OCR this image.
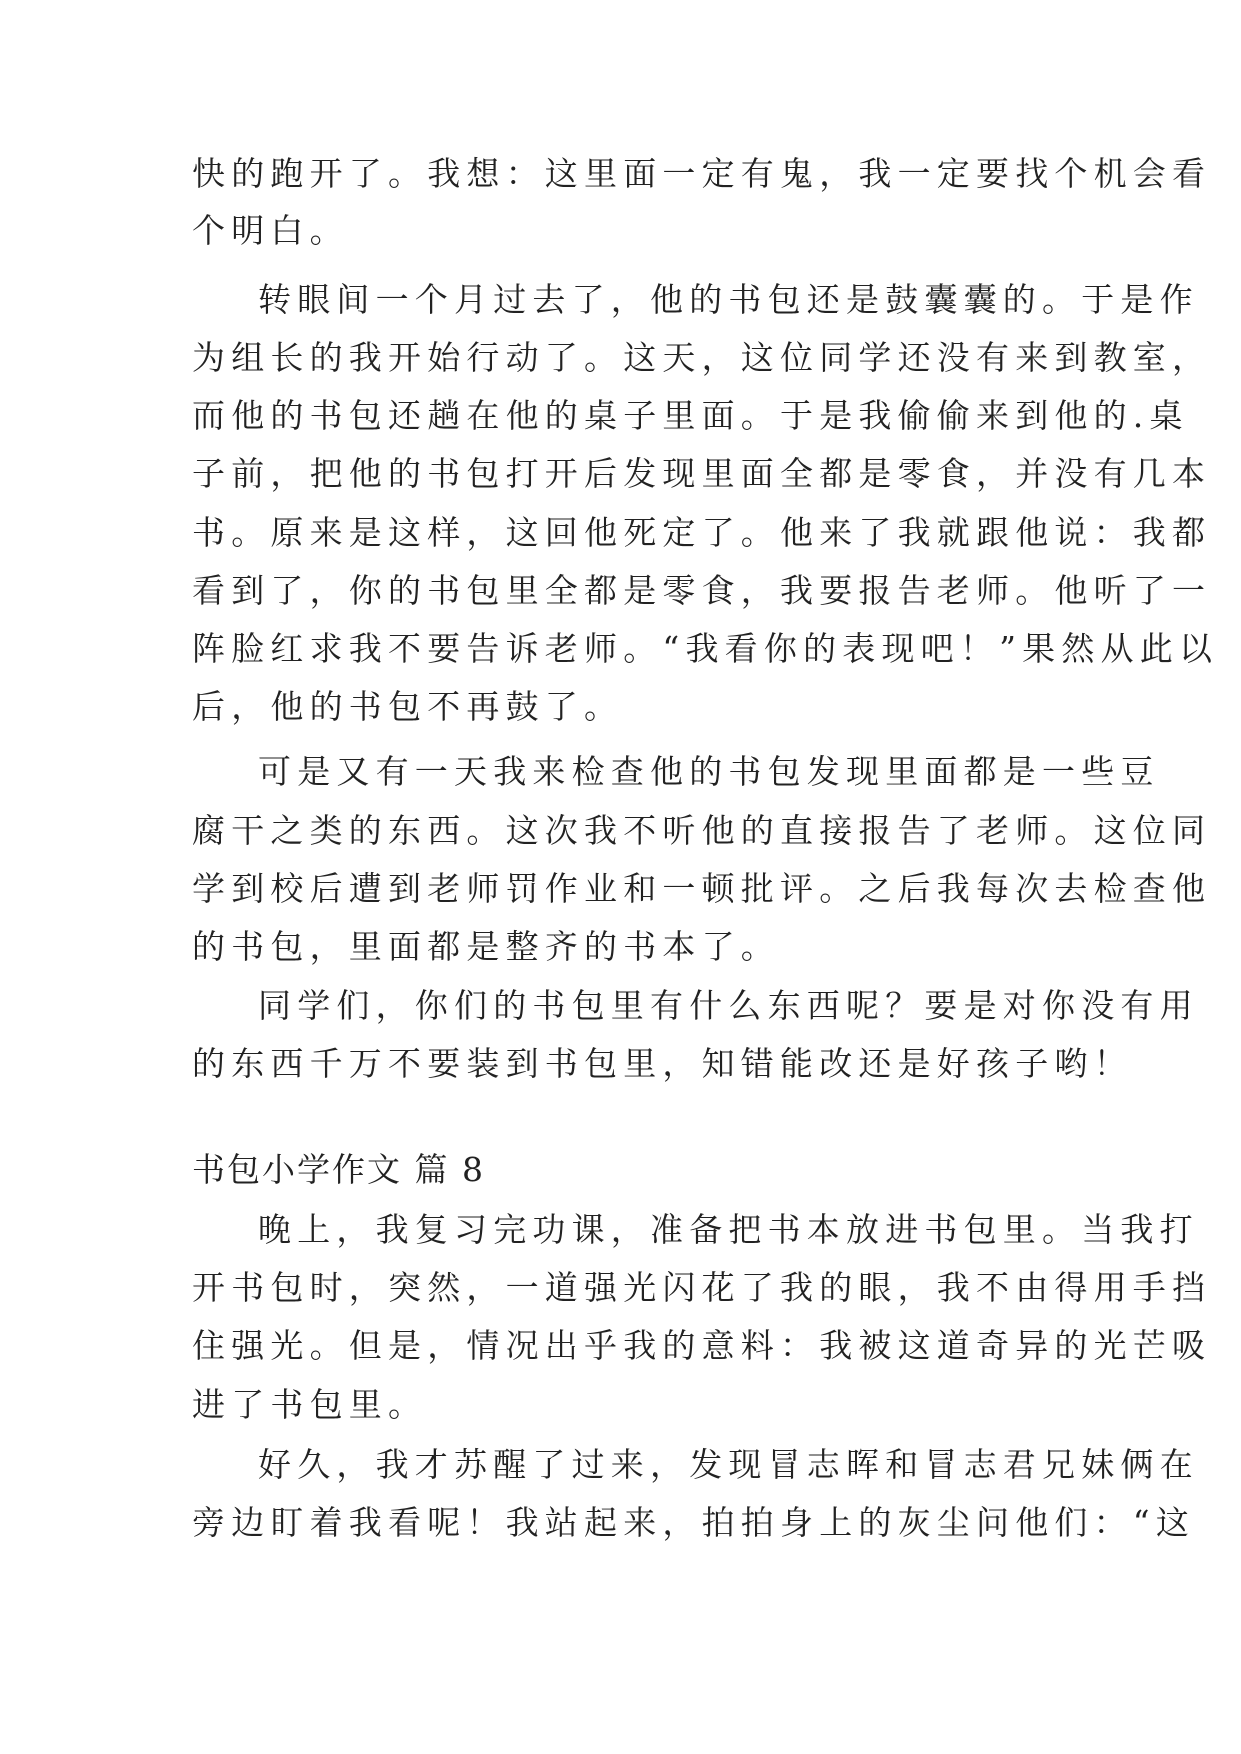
快的跑开了。我想：这里面一定有鬼，我一定要找个机会看
个明白。
转眼间一个月过去了，他的书包还是鼓囊囊的。于是作
为组长的我开始行动了。这天，这位同学还没有来到教室，
而他的书包还趟在他的桌子里面。于是我偷偷来到他的.桌
子前，把他的书包打开后发现里面全都是零食，并没有几本
书。原来是这样，这回他死定了。他来了我就跟他说：我都
看到了，你的书包里全都是零食，我要报告老师。他听了一
阵脸红求我不要告诉老师。“我看你的表现吧！”果然从此以
后，他的书包不再鼓了。
可是又有一天我来检查他的书包发现里面都是一些豆
腐干之类的东西。这次我不听他的直接报告了老师。这位同
学到校后遭到老师罚作业和一顿批评。之后我每次去检查他
的书包，里面都是整齐的书本了。
同学们，你们的书包里有什么东西呢？要是对你没有用
的东西千万不要装到书包里，知错能改还是好孩子哟！
书包小学作文 篇 8
晚上，我复习完功课，准备把书本放进书包里。当我打
开书包时，突然，一道强光闪花了我的眼，我不由得用手挡
住强光。但是，情况出乎我的意料：我被这道奇异的光芒吸
进了书包里。
好久，我才苏醒了过来，发现冒志晖和冒志君兄妹俩在
旁边盯着我看呢！我站起来，拍拍身上的灰尘问他们：“这
